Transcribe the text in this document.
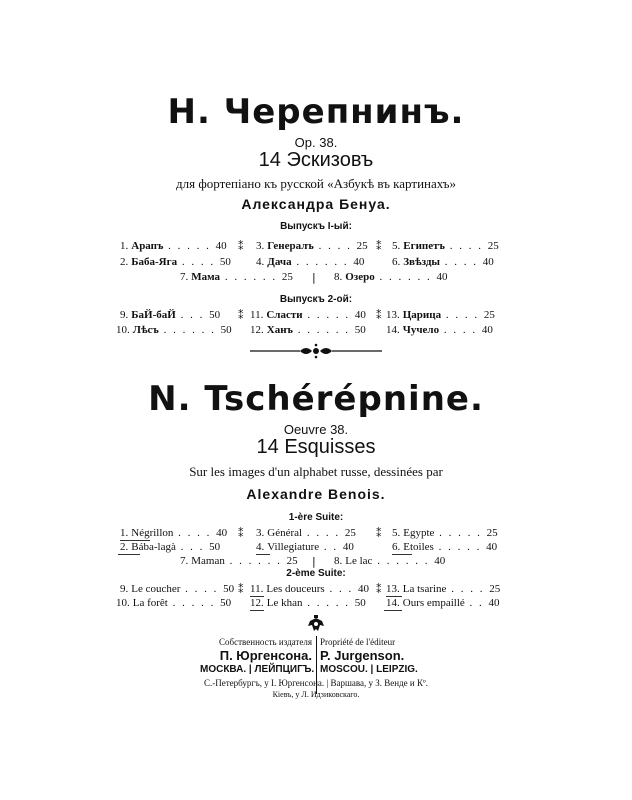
Н. Черепнинъ.
Op. 38.
14 Эскизовъ
для фортепіано къ русской «Азбукѣ въ картинахъ»
Александра Бенуа.
Выпускъ I-ый:
1. Арапъ . . . . . 40
2. Баба-Яга . . . . 50
⁑ 3. Генералъ . . . . 25
4. Дача . . . . . . 40
⁑ 5. Египетъ . . . . 25
6. Звѣзды . . . . 40
7. Мама . . . . . . 25 | 8. Озеро . . . . . . 40
Выпускъ 2-ой:
9. БаЙ-баЙ . . . 50
10. Лѣсъ . . . . . . 50
⁑ 11. Сласти . . . . . 40
12. Ханъ . . . . . . 50
⁑ 13. Царица . . . . 25
14. Чучело . . . . 40
N. Tschérépnine.
Oeuvre 38.
14 Esquisses
Sur les images d'un alphabet russe, dessinées par
Alexandre Benois.
1-ère Suite:
1. Négrillon . . . . 40
2. Bába-lagà . . . 50
⁑ 3. Général . . . . 25
4. Villegiature . . 40
⁑ 5. Egypte . . . . . 25
6. Etoiles . . . . . 40
7. Maman . . . . . . 25 | 8. Le lac . . . . . . 40
2-ème Suite:
9. Le coucher . . . . 50
10. La forêt . . . . . 50
⁑ 11. Les douceurs . . . 40
12. Le khan . . . . . 50
⁑ 13. La tsarine . . . . 25
14. Ours empaillé . . 40
Собственность издателя Propriété de l'éditeur
П. Юргенсона. P. Jurgenson.
МОСКВА. | ЛЕЙПЦИГЪ. MOSCOU. | LEIPZIG.
С.-Петербургъ, у І. Юргенсона. | Варшава, у З. Венде и Кº.
Кіевъ, у Л. Идзиковскаго.
